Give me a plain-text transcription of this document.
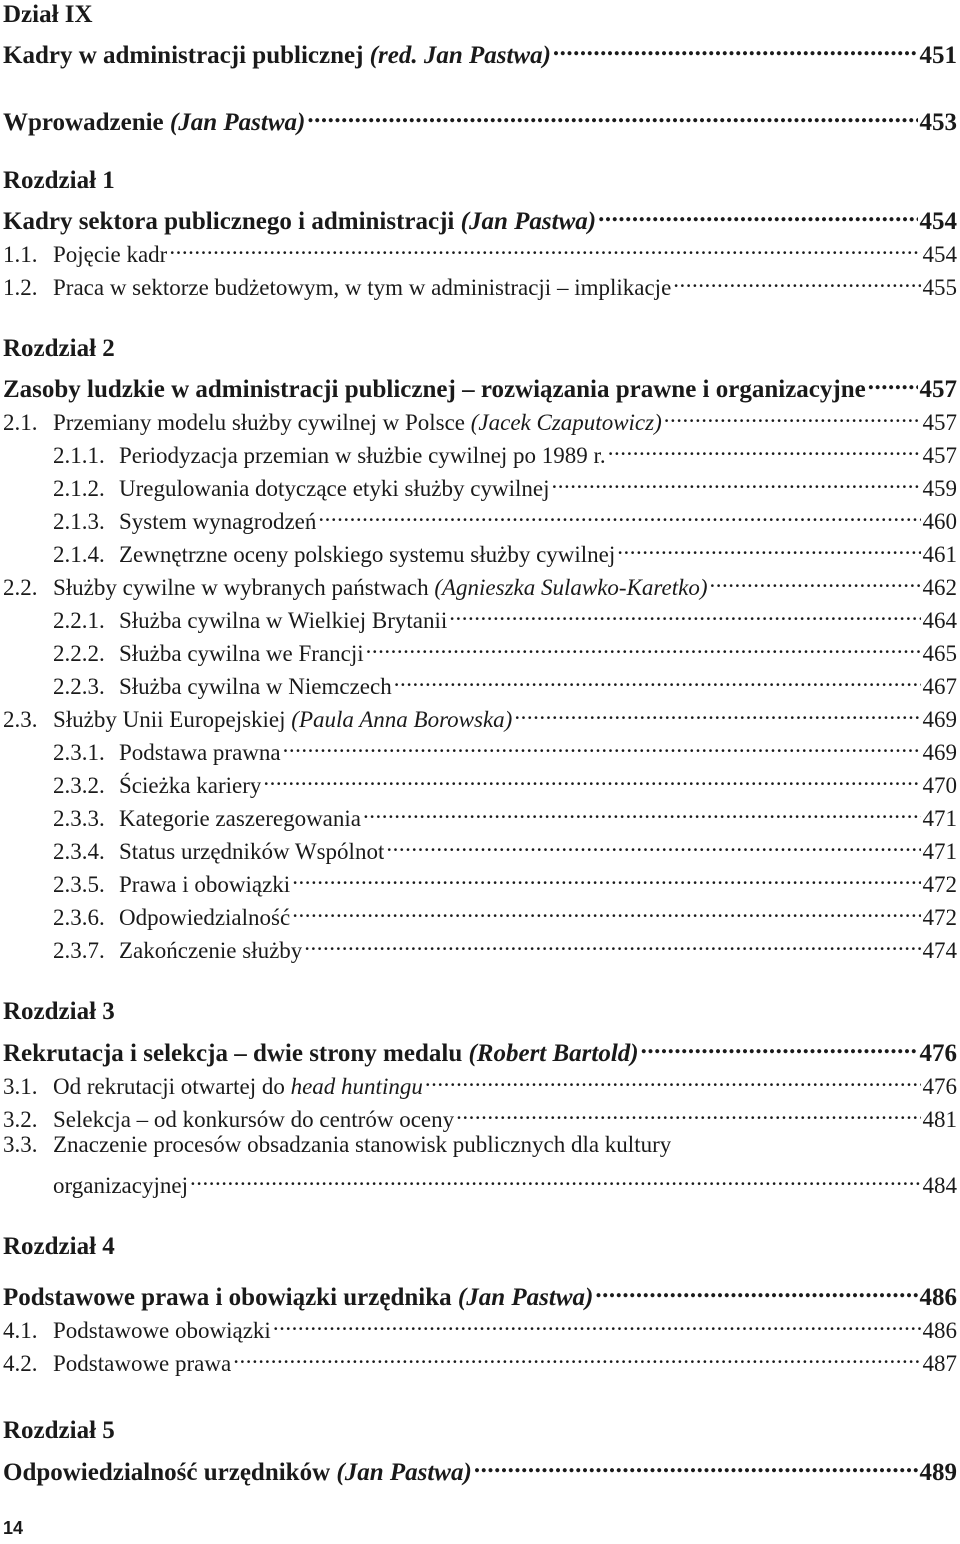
Dział IX
Kadry w administracji publicznej (red. Jan Pastwa) .....	451
Wprowadzenie (Jan Pastwa) .....	453
Rozdział 1
Kadry sektora publicznego i administracji (Jan Pastwa) .....	454
1.1. Pojęcie kadr .....	454
1.2. Praca w sektorze budżetowym, w tym w administracji – implikacje .....	455
Rozdział 2
Zasoby ludzkie w administracji publicznej – rozwiązania prawne i organizacyjne ..... 457
2.1. Przemiany modelu służby cywilnej w Polsce (Jacek Czaputowicz) .....	457
2.1.1. Periodyzacja przemian w służbie cywilnej po 1989 r. .....	457
2.1.2. Uregulowania dotyczące etyki służby cywilnej .....	459
2.1.3. System wynagrodzeń .....	460
2.1.4. Zewnętrzne oceny polskiego systemu służby cywilnej .....	461
2.2. Służby cywilne w wybranych państwach (Agnieszka Sulawko-Karetko) .....	462
2.2.1. Służba cywilna w Wielkiej Brytanii .....	464
2.2.2. Służba cywilna we Francji .....	465
2.2.3. Służba cywilna w Niemczech .....	467
2.3. Służby Unii Europejskiej (Paula Anna Borowska) .....	469
2.3.1. Podstawa prawna .....	469
2.3.2. Ścieżka kariery .....	470
2.3.3. Kategorie zaszeregowania .....	471
2.3.4. Status urzędników Wspólnot .....	471
2.3.5. Prawa i obowiązki .....	472
2.3.6. Odpowiedzialność .....	472
2.3.7. Zakończenie służby .....	474
Rozdział 3
Rekrutacja i selekcja – dwie strony medalu (Robert Bartold) .....	476
3.1. Od rekrutacji otwartej do head huntingu .....	476
3.2. Selekcja – od konkursów do centrów oceny .....	481
3.3. Znaczenie procesów obsadzania stanowisk publicznych dla kultury
organizacyjnej .....	484
Rozdział 4
Podstawowe prawa i obowiązki urzędnika (Jan Pastwa) .....	486
4.1. Podstawowe obowiązki .....	486
4.2. Podstawowe prawa .....	487
Rozdział 5
Odpowiedzialność urzędników (Jan Pastwa) .....	489
14
